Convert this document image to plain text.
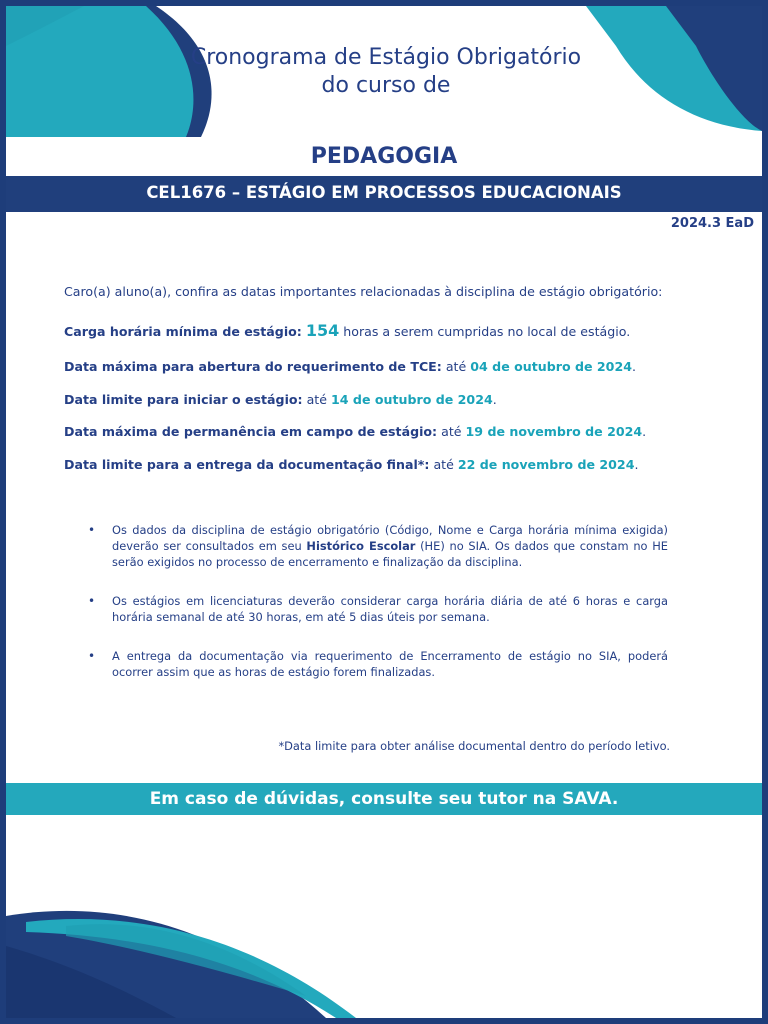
Cronograma de Estágio Obrigatório
do curso de
PEDAGOGIA
CEL1676 – ESTÁGIO EM PROCESSOS EDUCACIONAIS
2024.3 EaD
Caro(a) aluno(a), confira as datas importantes relacionadas à disciplina de estágio obrigatório:
Carga horária mínima de estágio: 154 horas a serem cumpridas no local de estágio.
Data máxima para abertura do requerimento de TCE: até 04 de outubro de 2024.
Data limite para iniciar o estágio: até 14 de outubro de 2024.
Data máxima de permanência em campo de estágio: até 19 de novembro de 2024.
Data limite para a entrega da documentação final*: até 22 de novembro de 2024.
• Os dados da disciplina de estágio obrigatório (Código, Nome e Carga horária mínima exigida) deverão ser consultados em seu Histórico Escolar (HE) no SIA. Os dados que constam no HE serão exigidos no processo de encerramento e finalização da disciplina.
• Os estágios em licenciaturas deverão considerar carga horária diária de até 6 horas e carga horária semanal de até 30 horas, em até 5 dias úteis por semana.
• A entrega da documentação via requerimento de Encerramento de estágio no SIA, poderá ocorrer assim que as horas de estágio forem finalizadas.
*Data limite para obter análise documental dentro do período letivo.
Em caso de dúvidas, consulte seu tutor na SAVA.
